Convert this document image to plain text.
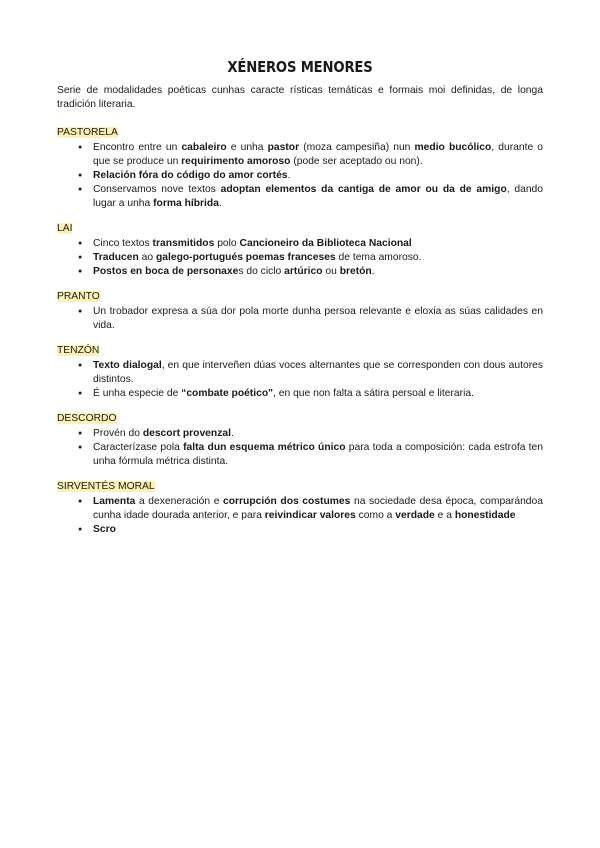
XÉNEROS MENORES

Serie de modalidades poéticas cunhas caracte rísticas temáticas e formais moi definidas, de longa tradición literaria.

PASTORELA
● Encontro entre un cabaleiro e unha pastor (moza campesiña) nun medio bucólico, durante o que se produce un requirimento amoroso (pode ser aceptado ou non).
● Relación fóra do código do amor cortés.
● Conservamos nove textos adoptan elementos da cantiga de amor ou da de amigo, dando lugar a unha forma híbrida.
LAI
● Cinco textos transmitidos polo Cancioneiro da Biblioteca Nacional
● Traducen ao galego-portugués poemas franceses de tema amoroso.
● Postos en boca de personaxes do ciclo artúrico ou bretón.
PRANTO
● Un trobador expresa a súa dor pola morte dunha persoa relevante e eloxia as súas calidades en vida.
TENZÓN
● Texto dialogal, en que interveñen dúas voces alternantes que se corresponden con dous autores distintos.
● É unha especie de “combate poético", en que non falta a sátira persoal e literaria.
DESCORDO
● Provén do descort provenzal.
● Caracterízase pola falta dun esquema métrico único para toda a composición: cada estrofa ten unha fórmula métrica distinta.
SIRVENTÉS MORAL
● Lamenta a dexeneración e corrupción dos costumes na sociedade desa época, comparándoa cunha idade dourada anterior, e para reivindicar valores como a verdade e a honestidade
● Scro
